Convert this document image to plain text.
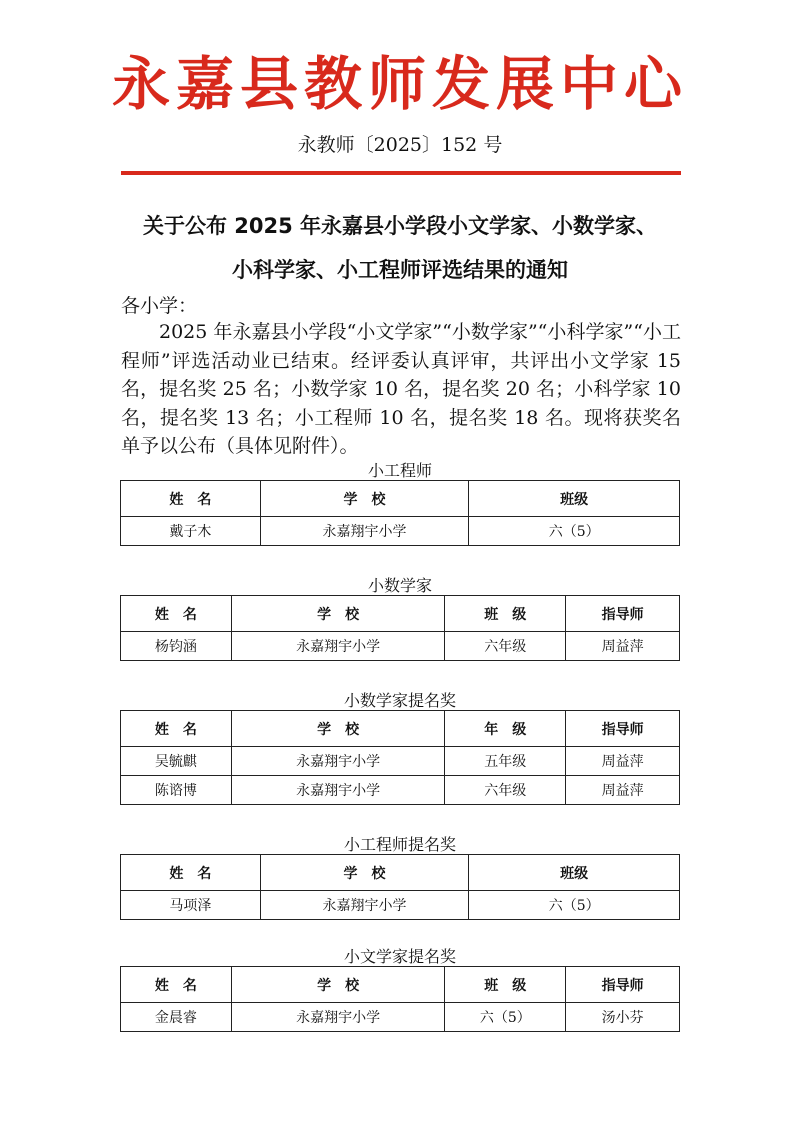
永嘉县教师发展中心
永教师〔2025〕152 号
关于公布 2025 年永嘉县小学段小文学家、小数学家、
小科学家、小工程师评选结果的通知
各小学：

2025 年永嘉县小学段“小文学家”“小数学家”“小科学家”“小工程师”评选活动业已结束。经评委认真评审，共评出小文学家 15 名，提名奖 25 名；小数学家 10 名，提名奖 20 名；小科学家 10 名，提名奖 13 名；小工程师 10 名，提名奖 18 名。现将获奖名单予以公布（具体见附件）。

小工程师
姓　名	学　校	班级
戴子木	永嘉翔宇小学	六（5）
小数学家
姓　名	学　校	班　级	指导师
杨钧涵	永嘉翔宇小学	六年级	周益萍
小数学家提名奖
姓　名	学　校	年　级	指导师
吴毓麒	永嘉翔宇小学	五年级	周益萍
陈谘博	永嘉翔宇小学	六年级	周益萍
小工程师提名奖
姓　名	学　校	班级
马项泽	永嘉翔宇小学	六（5）
小文学家提名奖
姓　名	学　校	班　级	指导师
金晨睿	永嘉翔宇小学	六（5）	汤小芬
